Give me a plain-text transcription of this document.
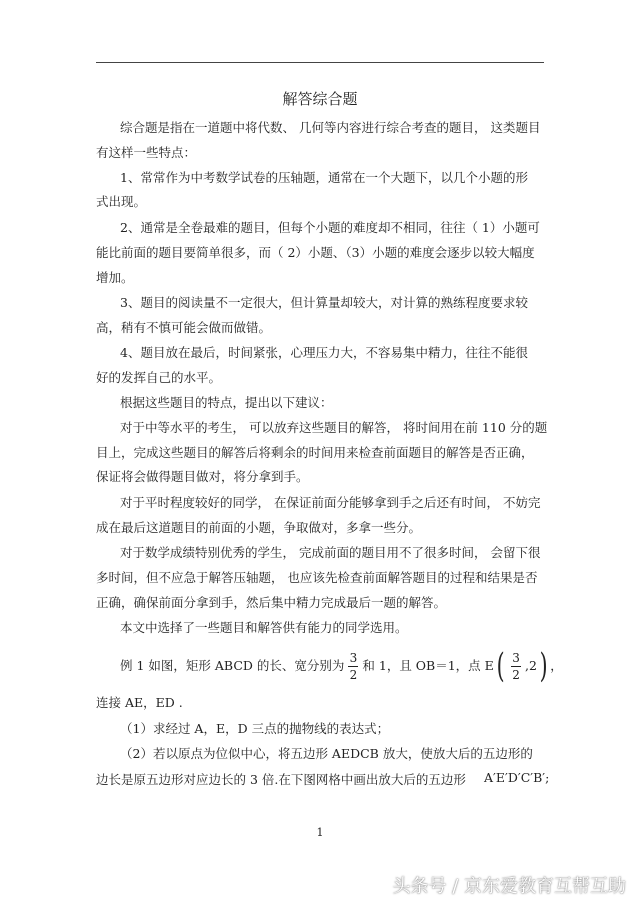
解答综合题
综合题是指在一道题中将代数、 几何等内容进行综合考查的题目， 这类题目
有这样一些特点：
1、常常作为中考数学试卷的压轴题，通常在一个大题下，以几个小题的形
式出现。
2、通常是全卷最难的题目，但每个小题的难度却不相同，往往（ 1）小题可
能比前面的题目要简单很多，而（ 2）小题、（3）小题的难度会逐步以较大幅度
增加。
3、题目的阅读量不一定很大，但计算量却较大，对计算的熟练程度要求较
高，稍有不慎可能会做而做错。
4、题目放在最后，时间紧张，心理压力大，不容易集中精力，往往不能很
好的发挥自己的水平。
根据这些题目的特点，提出以下建议：
对于中等水平的考生， 可以放弃这些题目的解答， 将时间用在前 110 分的题
目上，完成这些题目的解答后将剩余的时间用来检查前面题目的解答是否正确，
保证将会做得题目做对，将分拿到手。
对于平时程度较好的同学， 在保证前面分能够拿到手之后还有时间， 不妨完
成在最后这道题目的前面的小题，争取做对，多拿一些分。
对于数学成绩特别优秀的学生， 完成前面的题目用不了很多时间， 会留下很
多时间，但不应急于解答压轴题， 也应该先检查前面解答题目的过程和结果是否
正确，确保前面分拿到手，然后集中精力完成最后一题的解答。
本文中选择了一些题目和解答供有能力的同学选用。
例 1 如图，矩形 ABCD 的长、宽分别为 $\frac{3}{2}$ 和 1，且 OB＝1，点 E ( $\frac{3}{2} ,2$ ) ，
连接 AE，ED .
（1）求经过 A，E，D 三点的抛物线的表达式；
（2）若以原点为位似中心，将五边形 AEDCB 放大，使放大后的五边形的
边长是原五边形对应边长的 3 倍.在下图网格中画出放大后的五边形 A′E′D′C′B′;
1
头条号 / 京东爱教育互帮互助
